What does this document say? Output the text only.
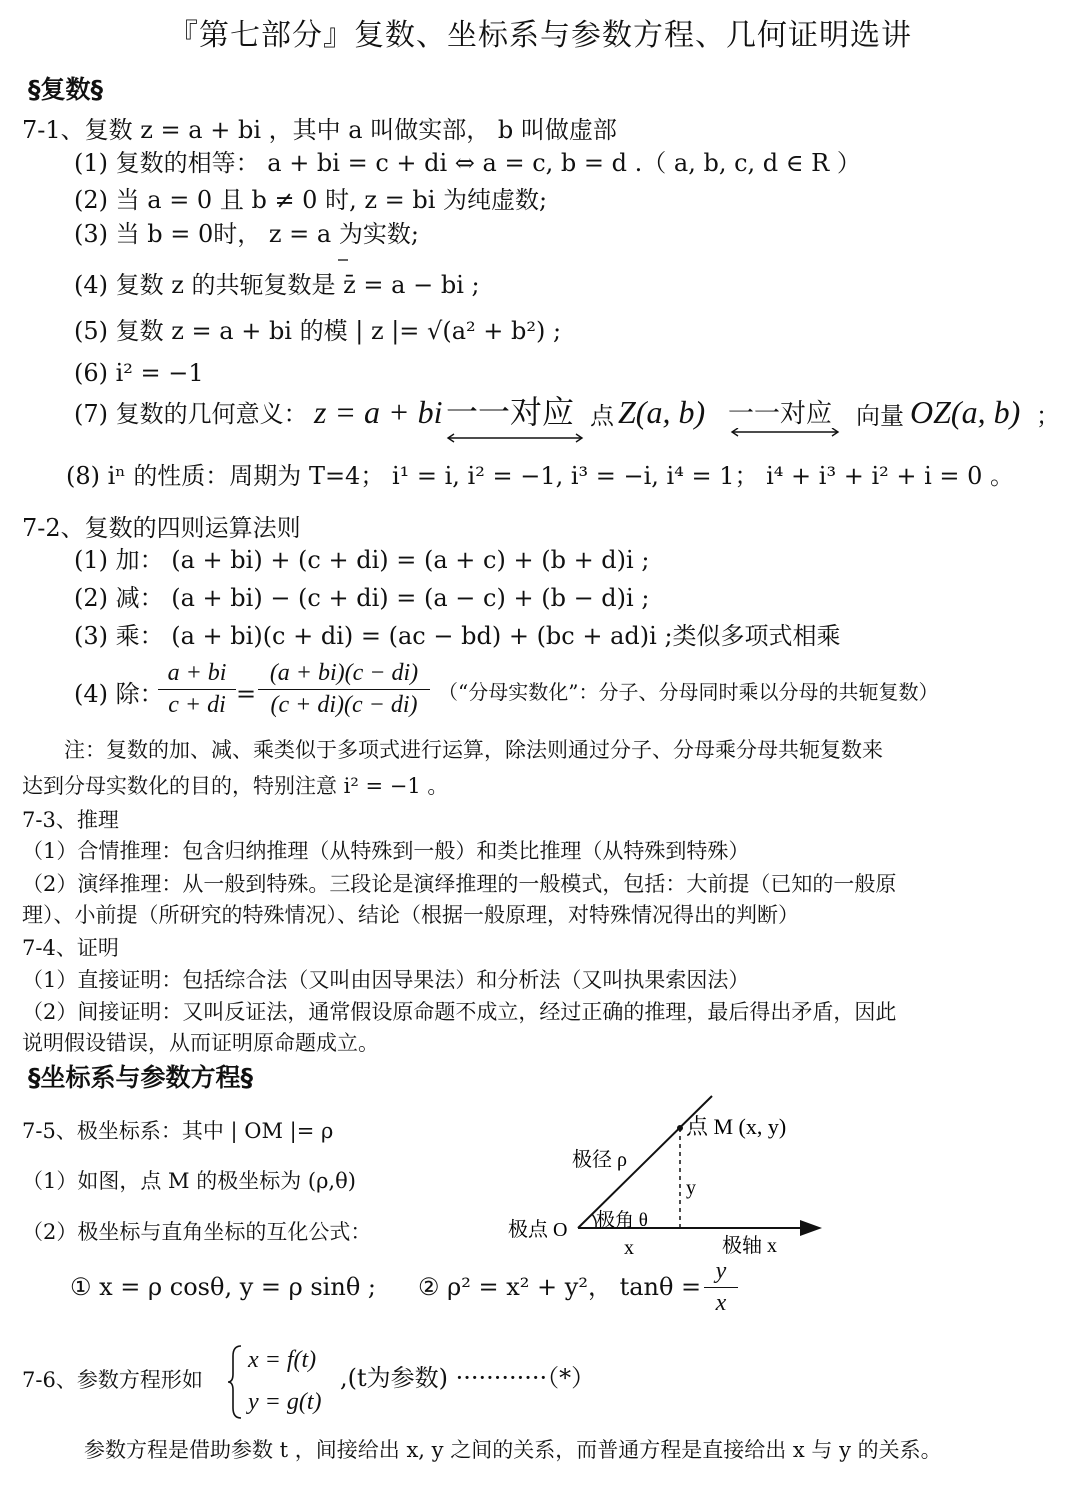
『第七部分』复数、坐标系与参数方程、几何证明选讲
§复数§
7-1、复数 z = a + bi ，其中 a 叫做实部， b 叫做虚部
(1) 复数的相等： a + bi = c + di ⇔ a = c, b = d .（ a, b, c, d ∈ R ）
(2) 当 a = 0 且 b ≠ 0 时, z = bi 为纯虚数;
(3) 当 b = 0时， z = a 为实数;
(4) 复数 z 的共轭复数是 z̄ = a − bi ;
(5) 复数 z = a + bi 的模 | z |= √(a² + b²) ;
(6) i² = −1
(7) 复数的几何意义： z = a + bi 一一对应 点 Z(a, b) 一一对应 向量 OZ(a, b) ；
(8) iⁿ 的性质：周期为 T=4； i¹ = i, i² = −1, i³ = −i, i⁴ = 1； i⁴ + i³ + i² + i = 0 。
7-2、复数的四则运算法则
(1) 加： (a + bi) + (c + di) = (a + c) + (b + d)i ;
(2) 减： (a + bi) − (c + di) = (a − c) + (b − d)i ;
(3) 乘： (a + bi)(c + di) = (ac − bd) + (bc + ad)i ;类似多项式相乘
(4) 除：
a + bi
c + di =
(a + bi)(c − di)
(c + di)(c − di)	（“分母实数化”：分子、分母同时乘以分母的共轭复数）
注：复数的加、减、乘类似于多项式进行运算，除法则通过分子、分母乘分母共轭复数来
达到分母实数化的目的，特别注意 i² = −1 。
7-3、推理
（1）合情推理：包含归纳推理（从特殊到一般）和类比推理（从特殊到特殊）
（2）演绎推理：从一般到特殊。三段论是演绎推理的一般模式，包括：大前提（已知的一般原
理）、小前提（所研究的特殊情况）、结论（根据一般原理，对特殊情况得出的判断）
7-4、证明
（1）直接证明：包括综合法（又叫由因导果法）和分析法（又叫执果索因法）
（2）间接证明：又叫反证法，通常假设原命题不成立，经过正确的推理，最后得出矛盾，因此
说明假设错误，从而证明原命题成立。
§坐标系与参数方程§
7-5、极坐标系：其中 | OM |= ρ
（1）如图，点 M 的极坐标为 (ρ,θ)
（2）极坐标与直角坐标的互化公式：
① x = ρ cosθ, y = ρ sinθ ; ② ρ² = x² + y²， tanθ =
y
x
点 M (x, y)
极径 ρ
y
极点 O 极角 θ
x	极轴 x
7-6、参数方程形如
x = f(t)
y = g(t)
,(t为参数) ············（*）
参数方程是借助参数 t ，间接给出 x, y 之间的关系，而普通方程是直接给出 x 与 y 的关系。
